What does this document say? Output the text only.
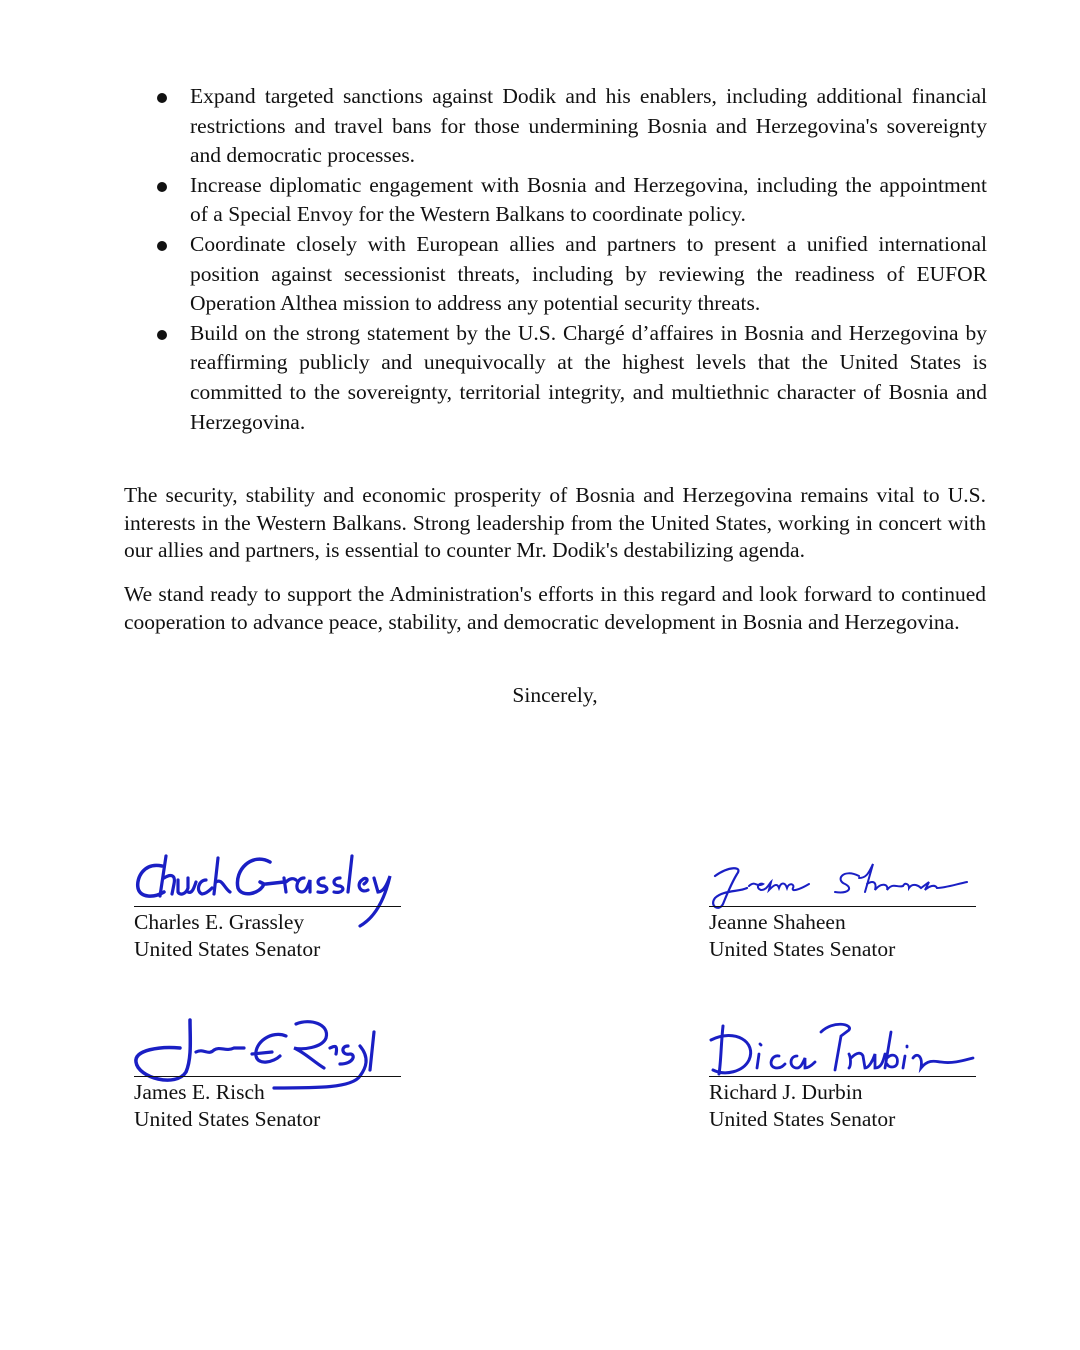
Expand targeted sanctions against Dodik and his enablers, including additional financial restrictions and travel bans for those undermining Bosnia and Herzegovina's sovereignty and democratic processes.
Increase diplomatic engagement with Bosnia and Herzegovina, including the appointment of a Special Envoy for the Western Balkans to coordinate policy.
Coordinate closely with European allies and partners to present a unified international position against secessionist threats, including by reviewing the readiness of EUFOR Operation Althea mission to address any potential security threats.
Build on the strong statement by the U.S. Chargé d’affaires in Bosnia and Herzegovina by reaffirming publicly and unequivocally at the highest levels that the United States is committed to the sovereignty, territorial integrity, and multiethnic character of Bosnia and Herzegovina.

The security, stability and economic prosperity of Bosnia and Herzegovina remains vital to U.S. interests in the Western Balkans. Strong leadership from the United States, working in concert with our allies and partners, is essential to counter Mr. Dodik's destabilizing agenda.

We stand ready to support the Administration's efforts in this regard and look forward to continued cooperation to advance peace, stability, and democratic development in Bosnia and Herzegovina.

Sincerely,
Charles E. Grassley
United States Senator
Jeanne Shaheen
United States Senator
James E. Risch
United States Senator
Richard J. Durbin
United States Senator
